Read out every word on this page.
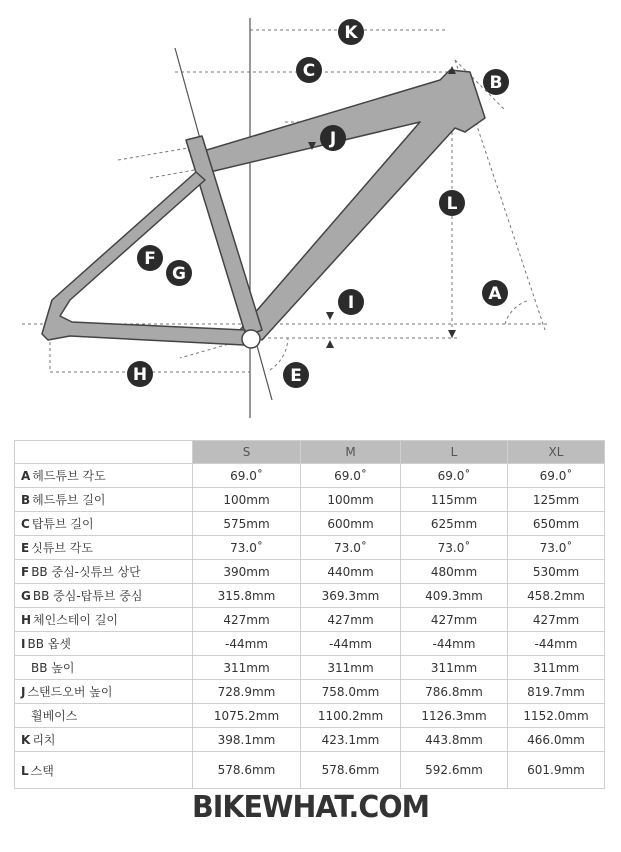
K
C
B
J
L
F
G
A
I
H	E
	S	M	L	XL
A 헤드튜브 각도	69.0˚	69.0˚	69.0˚	69.0˚
B 헤드튜브 길이	100mm	100mm	115mm	125mm
C 탑튜브 길이	575mm	600mm	625mm	650mm
E 싯튜브 각도	73.0˚	73.0˚	73.0˚	73.0˚
F BB 중심-싯튜브 상단	390mm	440mm	480mm	530mm
G BB 중심-탑튜브 중심	315.8mm	369.3mm	409.3mm	458.2mm
H 체인스테이 길이	427mm	427mm	427mm	427mm
I BB 옵셋	-44mm	-44mm	-44mm	-44mm
BB 높이	311mm	311mm	311mm	311mm
J 스탠드오버 높이	728.9mm	758.0mm	786.8mm	819.7mm
휠베이스	1075.2mm	1100.2mm	1126.3mm	1152.0mm
K 리치	398.1mm	423.1mm	443.8mm	466.0mm
L 스택	578.6mm	578.6mm	592.6mm	601.9mm
BIKEWHAT.COM
